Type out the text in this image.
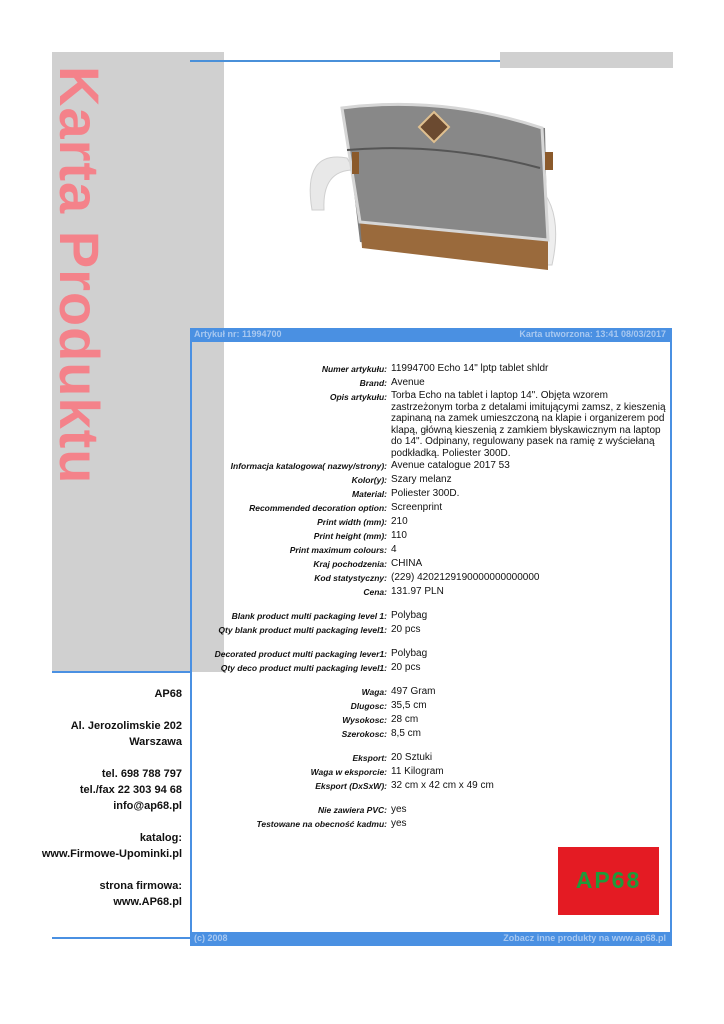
Karta Produktu	Artykuł nr: 11994700	Karta utworzona: 13:41 08/03/2017
Numer artykułu: 11994700 Echo 14" lptp tablet shldr
Brand: Avenue
Opis artykułu: Torba Echo na tablet i laptop 14". Objęta wzorem zastrzeżonym torba z detalami imitującymi zamsz, z kieszenią zapinaną na zamek umieszczoną na klapie i organizerem pod klapą, główną kieszenią z zamkiem błyskawicznym na laptop do 14". Odpinany, regulowany pasek na ramię z wyściełaną podkładką. Poliester 300D.
Informacja katalogowa( nazwy/strony): Avenue catalogue 2017 53
Kolor(y): Szary melanz
Material: Poliester 300D.
Recommended decoration option: Screenprint
Print width (mm): 210
Print height (mm): 110
Print maximum colours: 4
Kraj pochodzenia: CHINA
Kod statystyczny: (229) 4202129190000000000000
Cena: 131.97 PLN
Blank product multi packaging level 1: Polybag
Qty blank product multi packaging level1: 20 pcs
Decorated product multi packaging lever1: Polybag
Qty deco product multi packaging level1: 20 pcs
Waga: 497 Gram
Dlugosc: 35,5 cm
Wysokosc: 28 cm
Szerokosc: 8,5 cm
Eksport: 20 Sztuki
Waga w eksporcie: 11 Kilogram
Eksport (DxSxW): 32 cm x 42 cm x 49 cm
Nie zawiera PVC: yes
Testowane na obecność kadmu: yes
AP68
Al. Jerozolimskie 202
Warszawa
tel. 698 788 797
tel./fax 22 303 94 68
info@ap68.pl
katalog:
www.Firmowe-Upominki.pl
strona firmowa:
www.AP68.pl
AP68
(c) 2008	Zobacz inne produkty na www.ap68.pl
